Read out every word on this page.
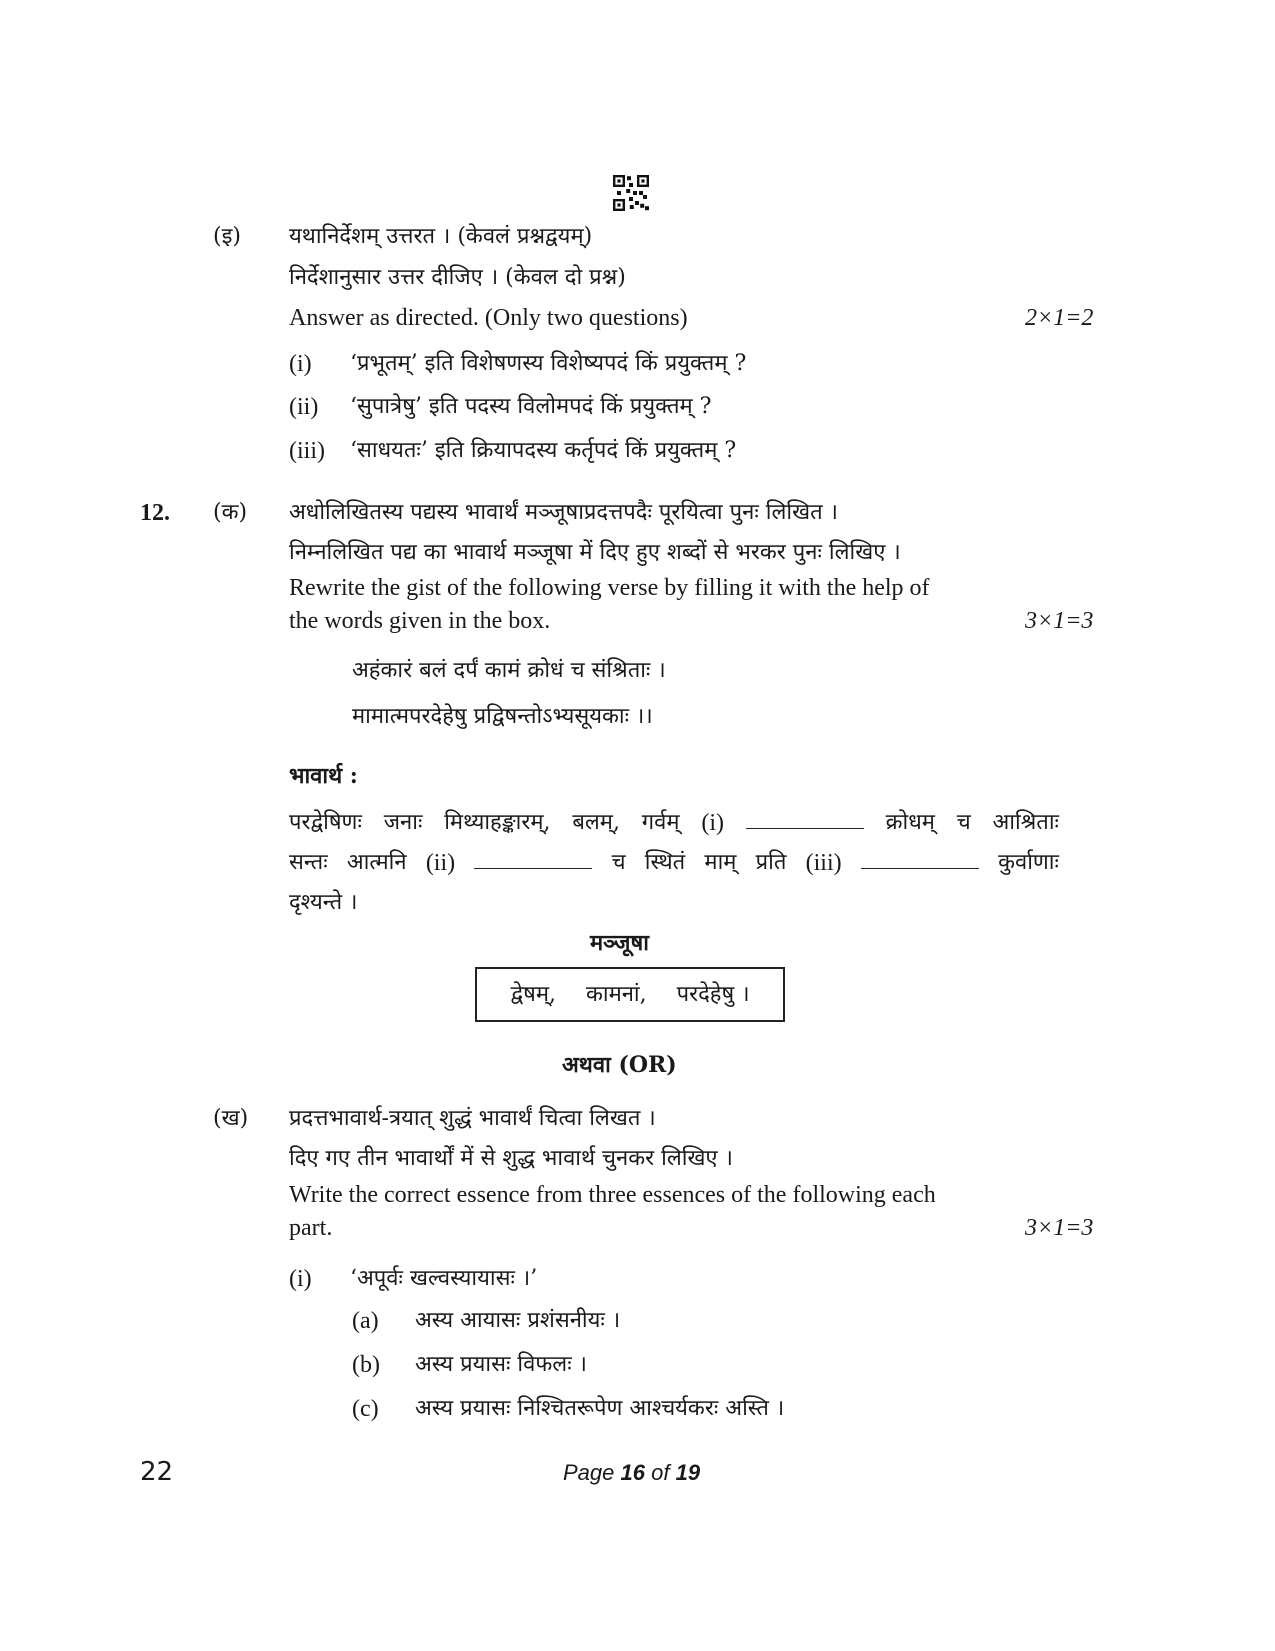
(इ) यथानिर्देशम् उत्तरत । (केवलं प्रश्नद्वयम्)
निर्देशानुसार उत्तर दीजिए । (केवल दो प्रश्न)
Answer as directed. (Only two questions)	2×1=2
(i) ‘प्रभूतम्’ इति विशेषणस्य विशेष्यपदं किं प्रयुक्तम् ?
(ii) ‘सुपात्रेषु’ इति पदस्य विलोमपदं किं प्रयुक्तम् ?
(iii) ‘साधयतः’ इति क्रियापदस्य कर्तृपदं किं प्रयुक्तम् ?
12. (क) अधोलिखितस्य पद्यस्य भावार्थं मञ्जूषाप्रदत्तपदैः पूरयित्वा पुनः लिखित ।
निम्नलिखित पद्य का भावार्थ मञ्जूषा में दिए हुए शब्दों से भरकर पुनः लिखिए ।
Rewrite the gist of the following verse by filling it with the help of
the words given in the box.	3×1=3
अहंकारं बलं दर्पं कामं क्रोधं च संश्रिताः ।
मामात्मपरदेहेषु प्रद्विषन्तोऽभ्यसूयकाः ।।
भावार्थ :
परद्वेषिणः जनाः मिथ्याहङ्कारम्, बलम्, गर्वम् (i)	क्रोधम् च आश्रिताः
सन्तः आत्मनि (ii)	च स्थितं माम् प्रति (iii)	कुर्वाणाः
दृश्यन्ते ।
मञ्जूषा
द्वेषम्, कामनां, परदेहेषु ।
अथवा (OR)
(ख) प्रदत्तभावार्थ-त्रयात् शुद्धं भावार्थं चित्वा लिखत ।
दिए गए तीन भावार्थों में से शुद्ध भावार्थ चुनकर लिखिए ।
Write the correct essence from three essences of the following each
part.	3×1=3
(i) ‘अपूर्वः खल्वस्यायासः ।’
(a) अस्य आयासः प्रशंसनीयः ।
(b) अस्य प्रयासः विफलः ।
(c) अस्य प्रयासः निश्चितरूपेण आश्चर्यकरः अस्ति ।
22	Page 16 of 19
